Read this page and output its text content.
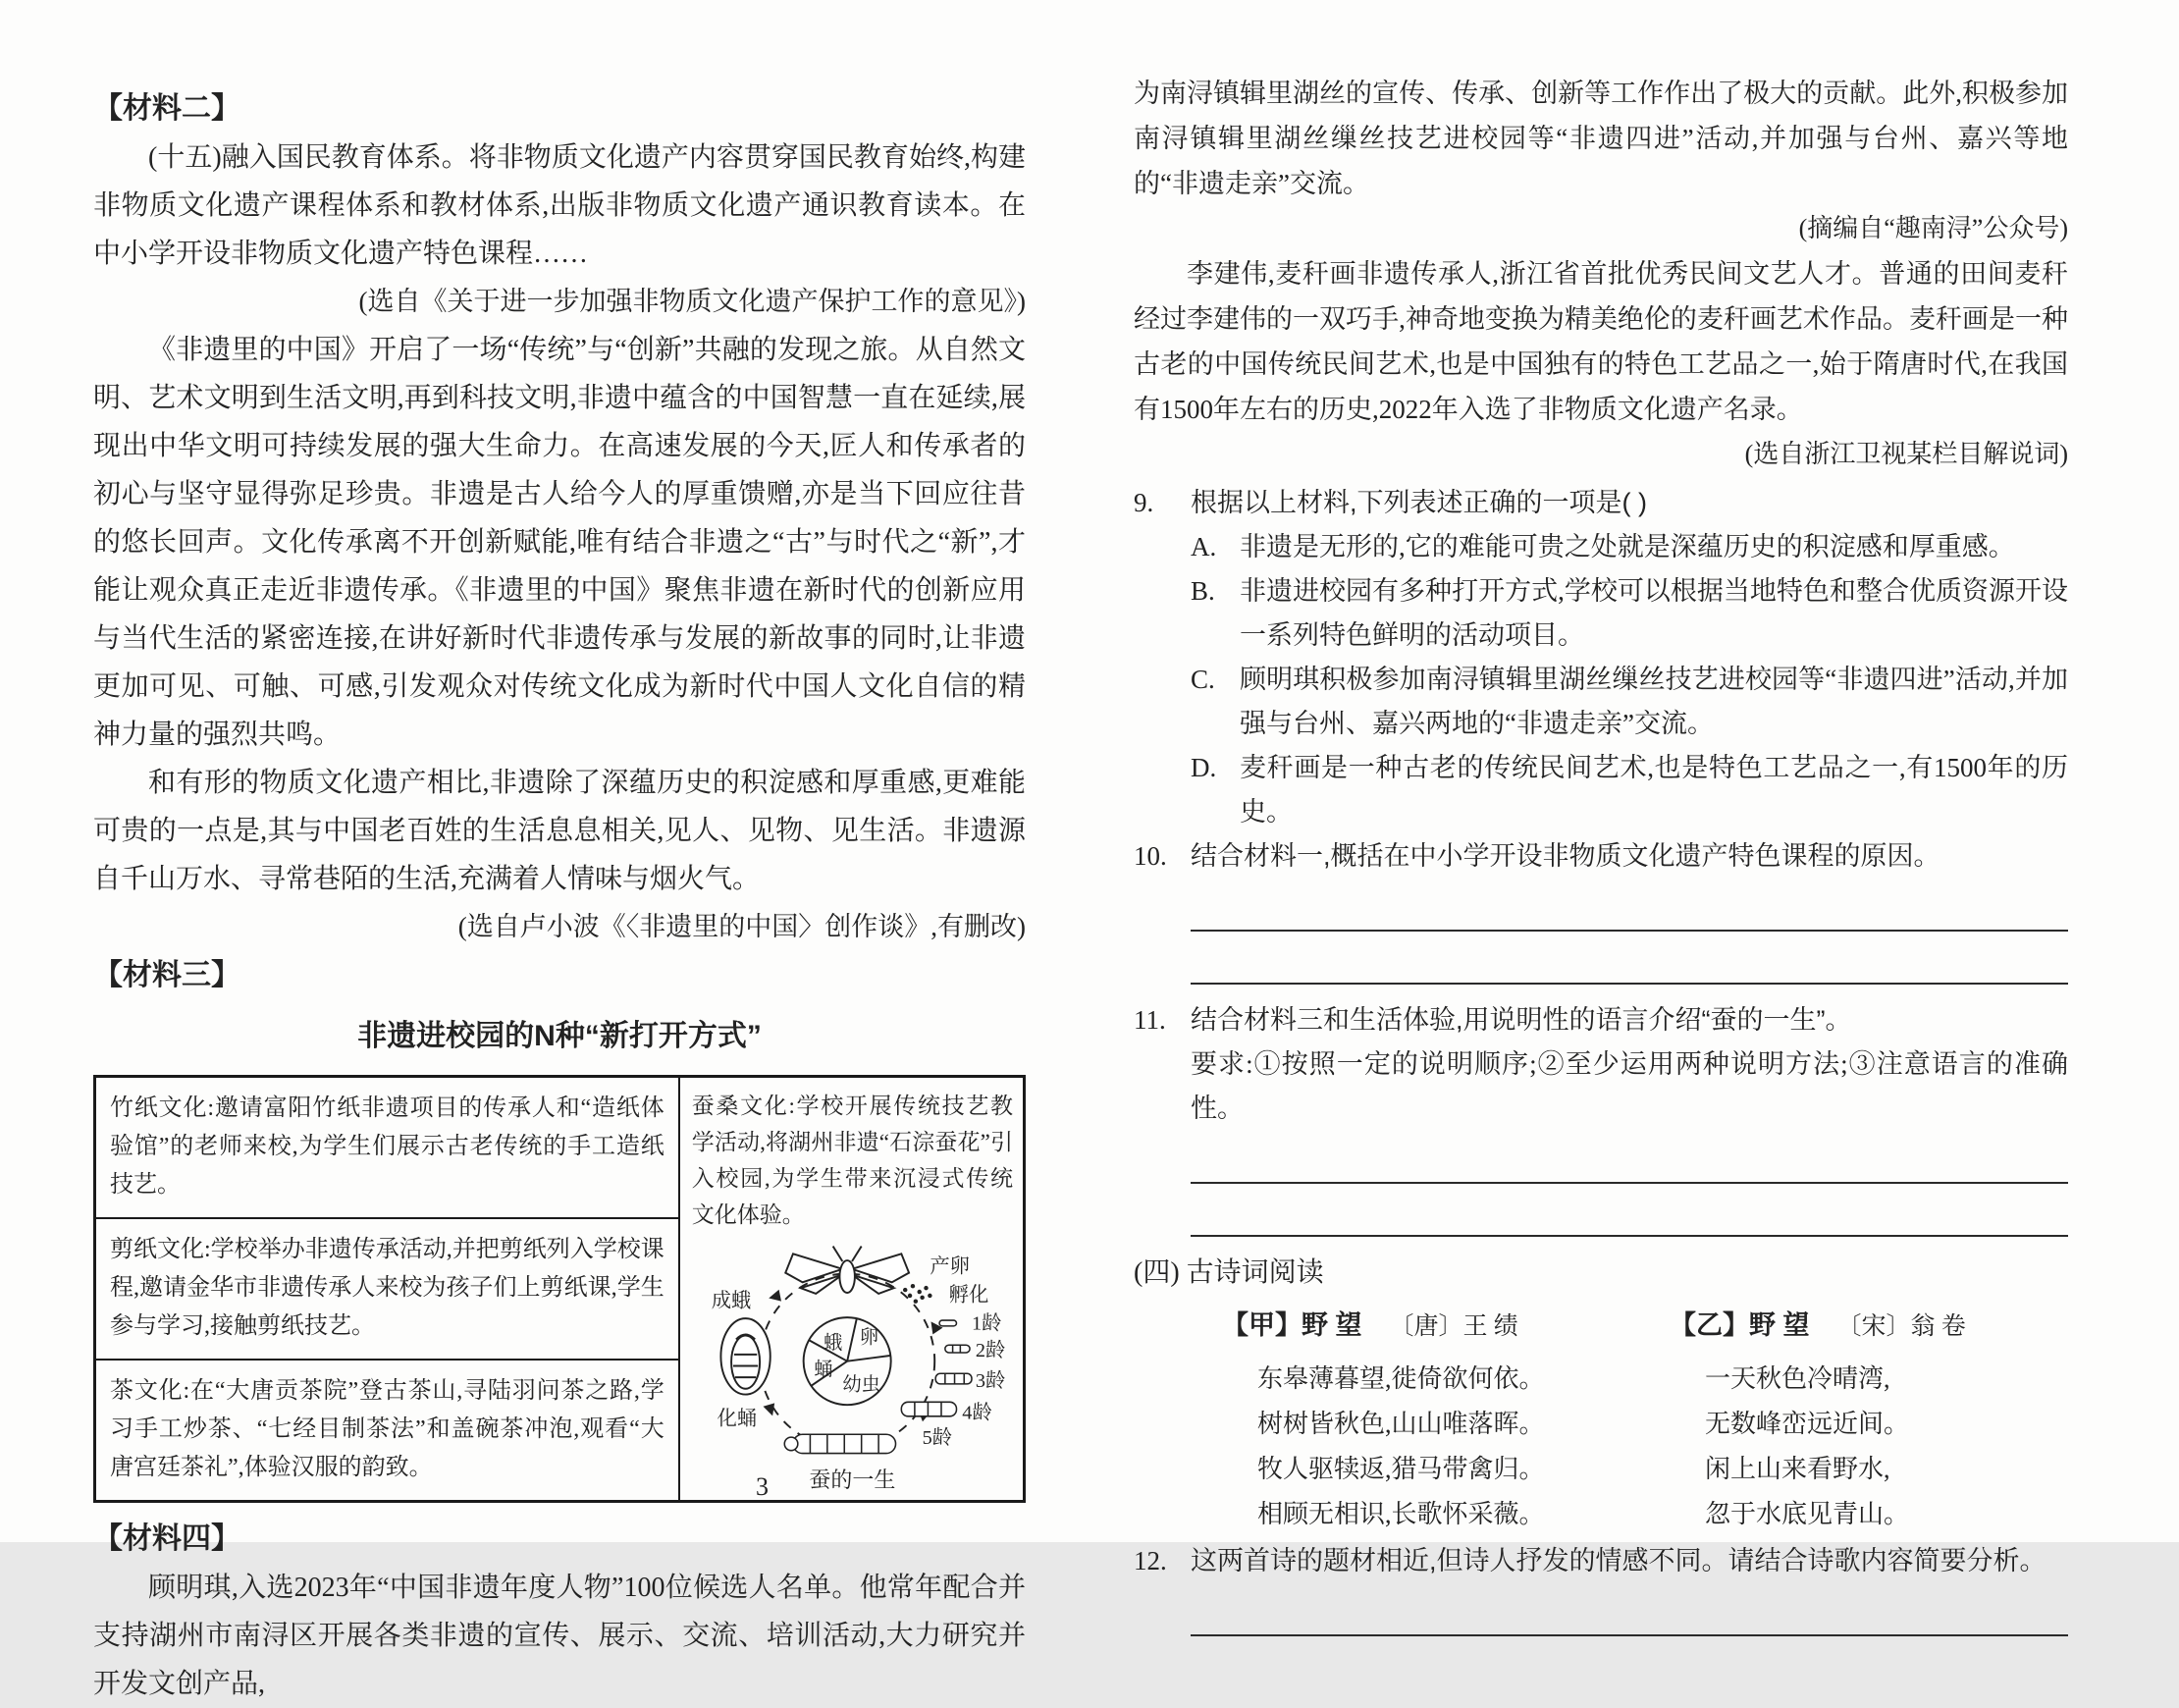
【材料二】

(十五)融入国民教育体系。将非物质文化遗产内容贯穿国民教育始终,构建非物质文化遗产课程体系和教材体系,出版非物质文化遗产通识教育读本。在中小学开设非物质文化遗产特色课程……

(选自《关于进一步加强非物质文化遗产保护工作的意见》)

《非遗里的中国》开启了一场“传统”与“创新”共融的发现之旅。从自然文明、艺术文明到生活文明,再到科技文明,非遗中蕴含的中国智慧一直在延续,展现出中华文明可持续发展的强大生命力。在高速发展的今天,匠人和传承者的初心与坚守显得弥足珍贵。非遗是古人给今人的厚重馈赠,亦是当下回应往昔的悠长回声。文化传承离不开创新赋能,唯有结合非遗之“古”与时代之“新”,才能让观众真正走近非遗传承。《非遗里的中国》聚焦非遗在新时代的创新应用与当代生活的紧密连接,在讲好新时代非遗传承与发展的新故事的同时,让非遗更加可见、可触、可感,引发观众对传统文化成为新时代中国人文化自信的精神力量的强烈共鸣。

和有形的物质文化遗产相比,非遗除了深蕴历史的积淀感和厚重感,更难能可贵的一点是,其与中国老百姓的生活息息相关,见人、见物、见生活。非遗源自千山万水、寻常巷陌的生活,充满着人情味与烟火气。

(选自卢小波《〈非遗里的中国〉创作谈》,有删改)

【材料三】

非遗进校园的N种“新打开方式”

竹纸文化:邀请富阳竹纸非遗项目的传承人和“造纸体验馆”的老师来校,为学生们展示古老传统的手工造纸技艺。
剪纸文化:学校举办非遗传承活动,并把剪纸列入学校课程,邀请金华市非遗传承人来校为孩子们上剪纸课,学生参与学习,接触剪纸技艺。
茶文化:在“大唐贡茶院”登古茶山,寻陆羽问茶之路,学习手工炒茶、“七经目制茶法”和盖碗茶冲泡,观看“大唐宫廷茶礼”,体验汉服的韵致。

蚕桑文化:学校开展传统技艺教学活动,将湖州非遗“石淙蚕花”引入校园,为学生带来沉浸式传统文化体验。

蛾 卵
蛹
幼虫
成蛾
产卵
孵化
1龄
2龄
3龄
4龄
5龄
化蛹
蚕的一生

【材料四】

顾明琪,入选2023年“中国非遗年度人物”100位候选人名单。他常年配合并支持湖州市南浔区开展各类非遗的宣传、展示、交流、培训活动,大力研究并开发文创产品,

为南浔镇辑里湖丝的宣传、传承、创新等工作作出了极大的贡献。此外,积极参加南浔镇辑里湖丝缫丝技艺进校园等“非遗四进”活动,并加强与台州、嘉兴等地的“非遗走亲”交流。

(摘编自“趣南浔”公众号)

李建伟,麦秆画非遗传承人,浙江省首批优秀民间文艺人才。普通的田间麦秆经过李建伟的一双巧手,神奇地变换为精美绝伦的麦秆画艺术作品。麦秆画是一种古老的中国传统民间艺术,也是中国独有的特色工艺品之一,始于隋唐时代,在我国有1500年左右的历史,2022年入选了非物质文化遗产名录。

(选自浙江卫视某栏目解说词)

9.	根据以上材料,下列表述正确的一项是( )
A. 非遗是无形的,它的难能可贵之处就是深蕴历史的积淀感和厚重感。
B. 非遗进校园有多种打开方式,学校可以根据当地特色和整合优质资源开设一系列特色鲜明的活动项目。
C. 顾明琪积极参加南浔镇辑里湖丝缫丝技艺进校园等“非遗四进”活动,并加强与台州、嘉兴两地的“非遗走亲”交流。
D. 麦秆画是一种古老的传统民间艺术,也是特色工艺品之一,有1500年的历史。
10. 结合材料一,概括在中小学开设非物质文化遗产特色课程的原因。
11. 结合材料三和生活体验,用说明性的语言介绍“蚕的一生”。
要求:①按照一定的说明顺序;②至少运用两种说明方法;③注意语言的准确性。

(四) 古诗词阅读

【甲】野 望 〔唐〕王 绩

东皋薄暮望,徙倚欲何依。

树树皆秋色,山山唯落晖。

牧人驱犊返,猎马带禽归。

相顾无相识,长歌怀采薇。

【乙】野 望 〔宋〕翁 卷

一天秋色冷晴湾,

无数峰峦远近间。

闲上山来看野水,

忽于水底见青山。

12. 这两首诗的题材相近,但诗人抒发的情感不同。请结合诗歌内容简要分析。
3
